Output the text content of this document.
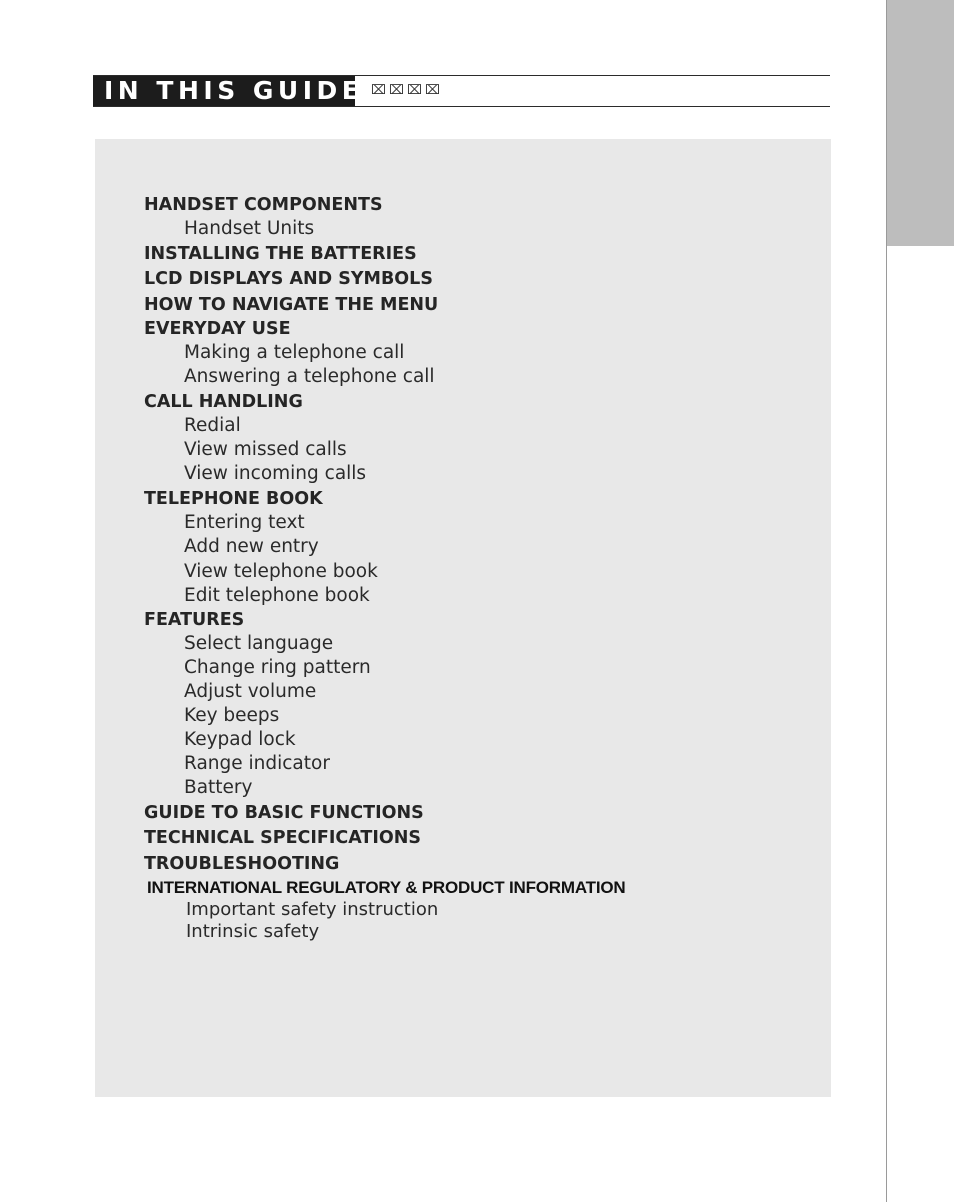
IN THIS GUIDE ⌧⌧⌧⌧
HANDSET COMPONENTS
Handset Units
INSTALLING THE BATTERIES
LCD DISPLAYS AND SYMBOLS
HOW TO NAVIGATE THE MENU
EVERYDAY USE
Making a telephone call
Answering a telephone call
CALL HANDLING
Redial
View missed calls
View incoming calls
TELEPHONE BOOK
Entering text
Add new entry
View telephone book
Edit telephone book
FEATURES
Select language
Change ring pattern
Adjust volume
Key beeps
Keypad lock
Range indicator
Battery
GUIDE TO BASIC FUNCTIONS
TECHNICAL SPECIFICATIONS
TROUBLESHOOTING
INTERNATIONAL REGULATORY & PRODUCT INFORMATION
Important safety instruction
Intrinsic safety
